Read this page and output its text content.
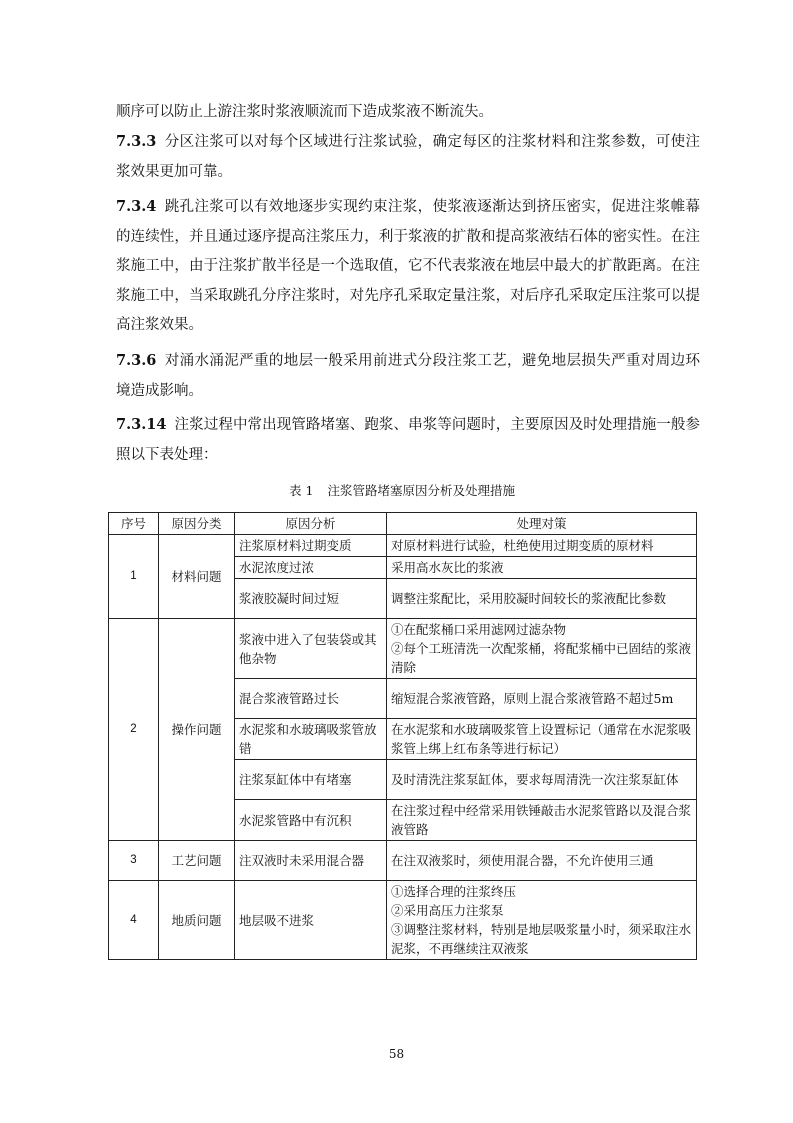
顺序可以防止上游注浆时浆液顺流而下造成浆液不断流失。

7.3.3 分区注浆可以对每个区域进行注浆试验，确定每区的注浆材料和注浆参数，可使注浆效果更加可靠。

7.3.4 跳孔注浆可以有效地逐步实现约束注浆，使浆液逐渐达到挤压密实，促进注浆帷幕的连续性，并且通过逐序提高注浆压力，利于浆液的扩散和提高浆液结石体的密实性。在注浆施工中，由于注浆扩散半径是一个选取值，它不代表浆液在地层中最大的扩散距离。在注浆施工中，当采取跳孔分序注浆时，对先序孔采取定量注浆，对后序孔采取定压注浆可以提高注浆效果。

7.3.6 对涌水涌泥严重的地层一般采用前进式分段注浆工艺，避免地层损失严重对周边环境造成影响。

7.3.14 注浆过程中常出现管路堵塞、跑浆、串浆等问题时，主要原因及时处理措施一般参照以下表处理：

表 1 注浆管路堵塞原因分析及处理措施
序号	原因分类	原因分析	处理对策
1	材料问题	注浆原材料过期变质	对原材料进行试验，杜绝使用过期变质的原材料
		水泥浓度过浓	采用高水灰比的浆液
		浆液胶凝时间过短	调整注浆配比，采用胶凝时间较长的浆液配比参数
2	操作问题	浆液中进入了包装袋或其他杂物	①在配浆桶口采用滤网过滤杂物
②每个工班清洗一次配浆桶，将配浆桶中已固结的浆液清除
		混合浆液管路过长	缩短混合浆液管路，原则上混合浆液管路不超过5m
		水泥浆和水玻璃吸浆管放错	在水泥浆和水玻璃吸浆管上设置标记（通常在水泥浆吸浆管上绑上红布条等进行标记）
		注浆泵缸体中有堵塞	及时清洗注浆泵缸体，要求每周清洗一次注浆泵缸体
		水泥浆管路中有沉积	在注浆过程中经常采用铁锤敲击水泥浆管路以及混合浆液管路
3	工艺问题	注双液时未采用混合器	在注双液浆时，须使用混合器，不允许使用三通
4	地质问题	地层吸不进浆	①选择合理的注浆终压
②采用高压力注浆泵
③调整注浆材料，特别是地层吸浆量小时，须采取注水泥浆，不再继续注双液浆
58
